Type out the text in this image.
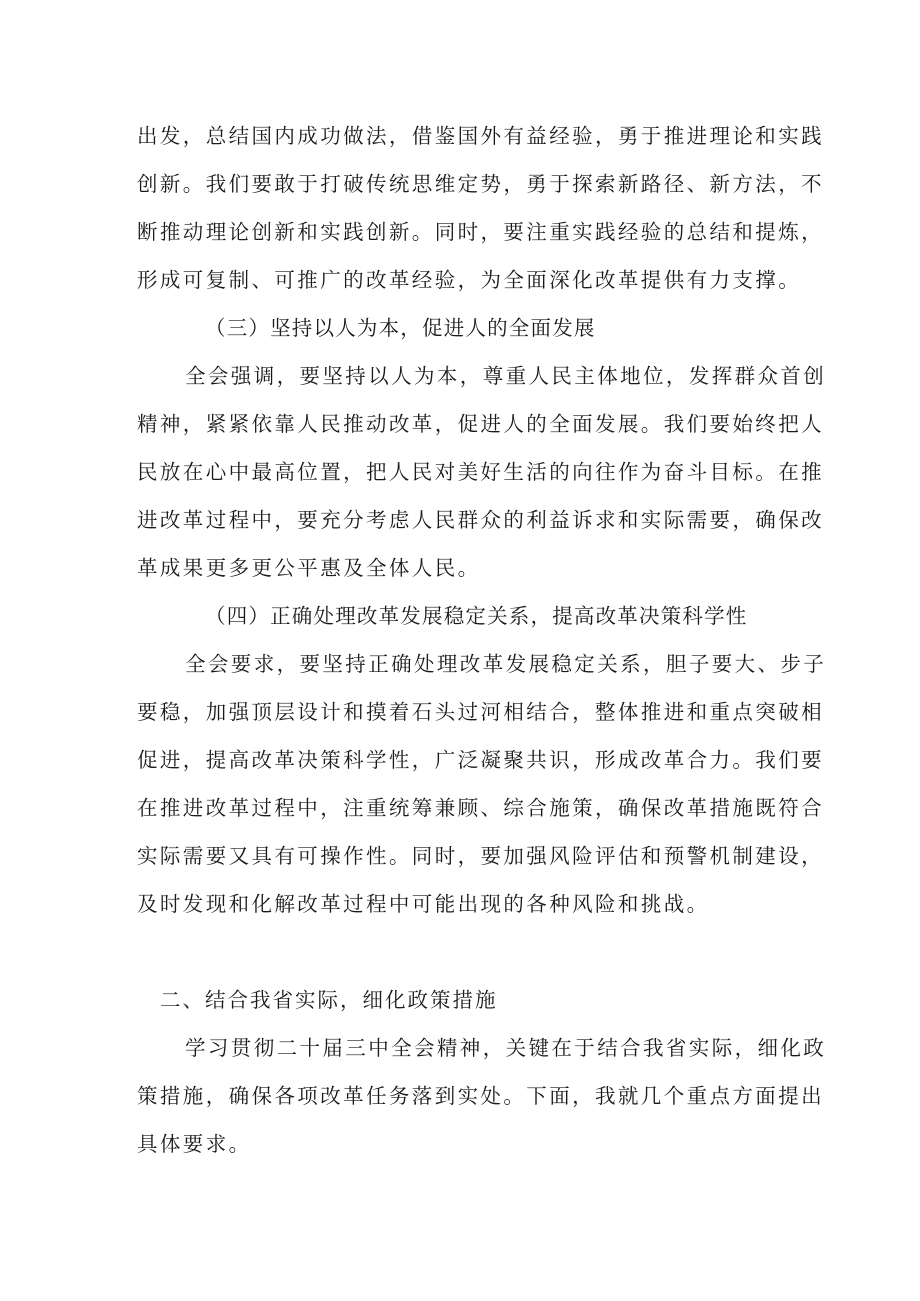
出发，总结国内成功做法，借鉴国外有益经验，勇于推进理论和实践
创新。我们要敢于打破传统思维定势，勇于探索新路径、新方法，不
断推动理论创新和实践创新。同时，要注重实践经验的总结和提炼，
形成可复制、可推广的改革经验，为全面深化改革提供有力支撑。
（三）坚持以人为本，促进人的全面发展
全会强调，要坚持以人为本，尊重人民主体地位，发挥群众首创
精神，紧紧依靠人民推动改革，促进人的全面发展。我们要始终把人
民放在心中最高位置，把人民对美好生活的向往作为奋斗目标。在推
进改革过程中，要充分考虑人民群众的利益诉求和实际需要，确保改
革成果更多更公平惠及全体人民。
（四）正确处理改革发展稳定关系，提高改革决策科学性
全会要求，要坚持正确处理改革发展稳定关系，胆子要大、步子
要稳，加强顶层设计和摸着石头过河相结合，整体推进和重点突破相
促进，提高改革决策科学性，广泛凝聚共识，形成改革合力。我们要
在推进改革过程中，注重统筹兼顾、综合施策，确保改革措施既符合
实际需要又具有可操作性。同时，要加强风险评估和预警机制建设，
及时发现和化解改革过程中可能出现的各种风险和挑战。
二、结合我省实际，细化政策措施
学习贯彻二十届三中全会精神，关键在于结合我省实际，细化政
策措施，确保各项改革任务落到实处。下面，我就几个重点方面提出
具体要求。
